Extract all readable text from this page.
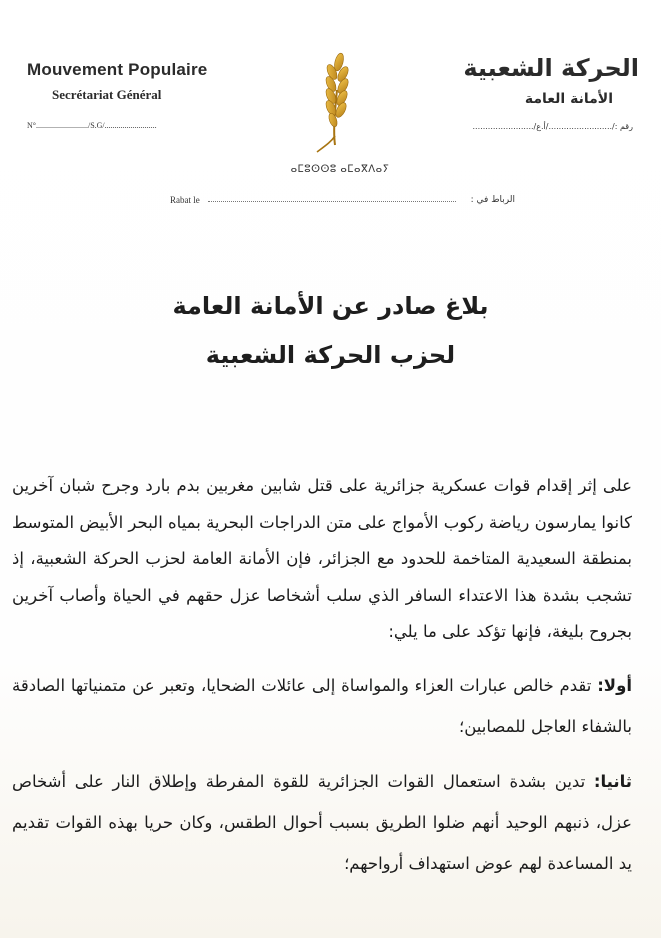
Mouvement Populaire
Secrétariat Général
N°........................../S.G/..........................
الحركة الشعبية
الأمانة العامة
رقم :/........................./أ.ع/........................
ⴰⵎⵓⵙⵙⵓ ⴰⵎⴰⴳⴷⴰⵢ
Rabat le	الرباط في :
بلاغ صادر عن الأمانة العامة
لحزب الحركة الشعبية

على إثر إقدام قوات عسكرية جزائرية على قتل شابين مغربين بدم بارد وجرح شبان آخرين كانوا يمارسون رياضة ركوب الأمواج على متن الدراجات البحرية بمياه البحر الأبيض المتوسط بمنطقة السعيدية المتاخمة للحدود مع الجزائر، فإن الأمانة العامة لحزب الحركة الشعبية، إذ تشجب بشدة هذا الاعتداء السافر الذي سلب أشخاصا عزل حقهم في الحياة وأصاب آخرين بجروح بليغة، فإنها تؤكد على ما يلي:

أولا: تقدم خالص عبارات العزاء والمواساة إلى عائلات الضحايا، وتعبر عن متمنياتها الصادقة بالشفاء العاجل للمصابين؛

ثانيا: تدين بشدة استعمال القوات الجزائرية للقوة المفرطة وإطلاق النار على أشخاص عزل، ذنبهم الوحيد أنهم ضلوا الطريق بسبب أحوال الطقس، وكان حريا بهذه القوات تقديم يد المساعدة لهم عوض استهداف أرواحهم؛
